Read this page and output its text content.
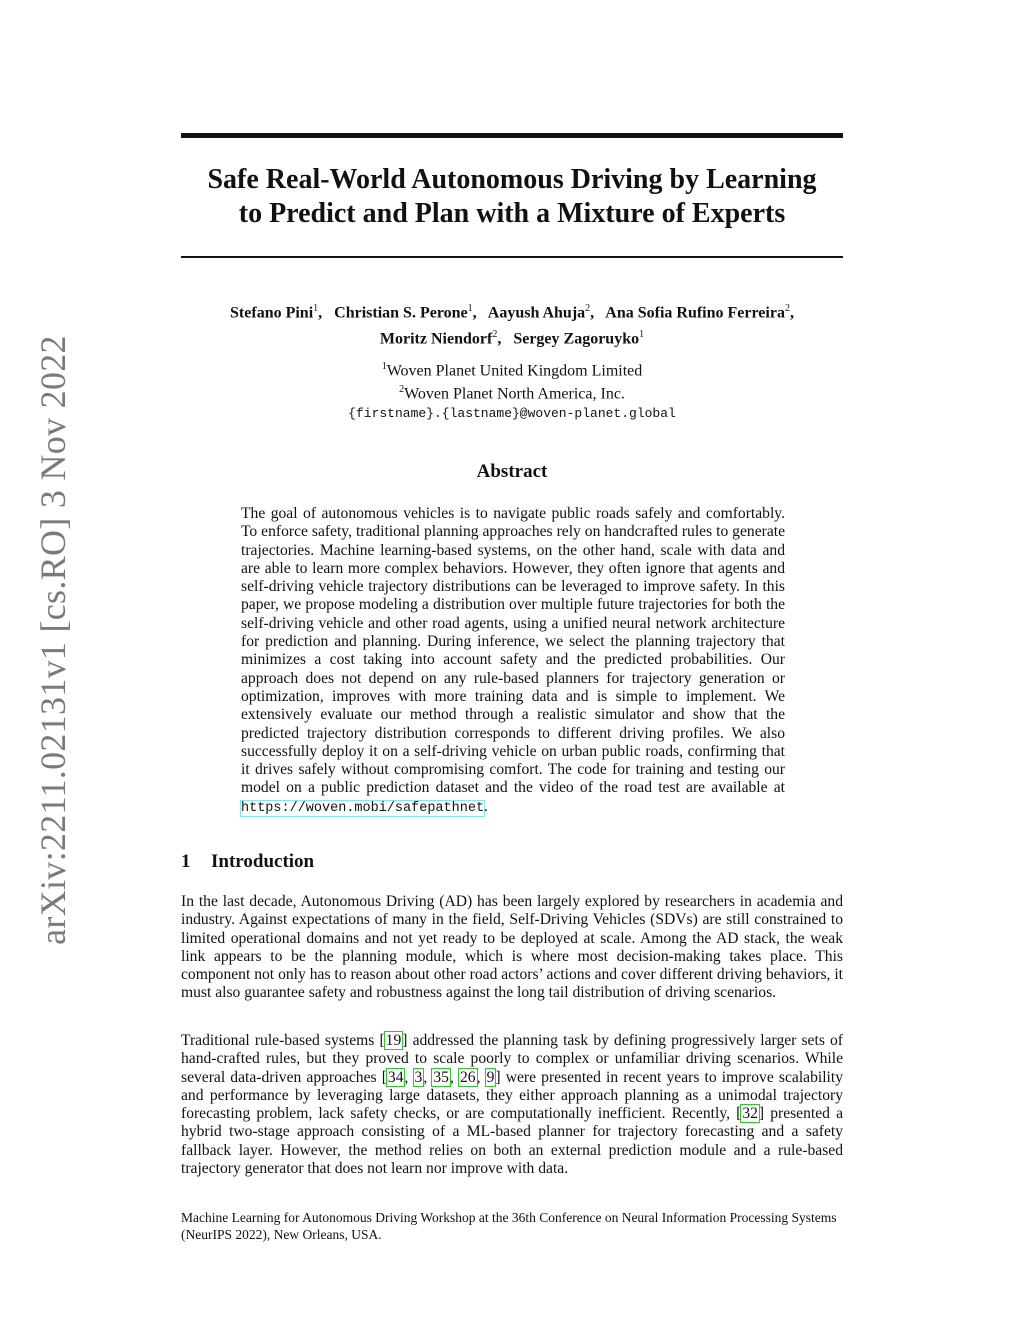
arXiv:2211.02131v1 [cs.RO] 3 Nov 2022
Safe Real-World Autonomous Driving by Learning
to Predict and Plan with a Mixture of Experts
Stefano Pini$^1$,   Christian S. Perone$^1$,   Aayush Ahuja$^2$,   Ana Sofia Rufino Ferreira$^2$,
Moritz Niendorf$^2$,   Sergey Zagoruyko$^1$
$^1$Woven Planet United Kingdom Limited
$^2$Woven Planet North America, Inc.
{firstname}.{lastname}@woven-planet.global
Abstract
The goal of autonomous vehicles is to navigate public roads safely and comfortably. To enforce safety, traditional planning approaches rely on handcrafted rules to generate trajectories. Machine learning-based systems, on the other hand, scale with data and are able to learn more complex behaviors. However, they often ignore that agents and self-driving vehicle trajectory distributions can be leveraged to improve safety. In this paper, we propose modeling a distribution over multiple future trajectories for both the self-driving vehicle and other road agents, using a unified neural network architecture for prediction and planning. During inference, we select the planning trajectory that minimizes a cost taking into account safety and the predicted probabilities. Our approach does not depend on any rule-based planners for trajectory generation or optimization, improves with more training data and is simple to implement. We extensively evaluate our method through a realistic simulator and show that the predicted trajectory distribution corresponds to different driving profiles. We also successfully deploy it on a self-driving vehicle on urban public roads, confirming that it drives safely without compromising comfort. The code for training and testing our model on a public prediction dataset and the video of the road test are available at https://woven.mobi/safepathnet.
1 Introduction
In the last decade, Autonomous Driving (AD) has been largely explored by researchers in academia and industry. Against expectations of many in the field, Self-Driving Vehicles (SDVs) are still constrained to limited operational domains and not yet ready to be deployed at scale. Among the AD stack, the weak link appears to be the planning module, which is where most decision-making takes place. This component not only has to reason about other road actors’ actions and cover different driving behaviors, it must also guarantee safety and robustness against the long tail distribution of driving scenarios.
Traditional rule-based systems [19] addressed the planning task by defining progressively larger sets of hand-crafted rules, but they proved to scale poorly to complex or unfamiliar driving scenarios. While several data-driven approaches [34, 3, 35, 26, 9] were presented in recent years to improve scalability and performance by leveraging large datasets, they either approach planning as a unimodal trajectory forecasting problem, lack safety checks, or are computationally inefficient. Recently, [32] presented a hybrid two-stage approach consisting of a ML-based planner for trajectory forecasting and a safety fallback layer. However, the method relies on both an external prediction module and a rule-based trajectory generator that does not learn nor improve with data.
Machine Learning for Autonomous Driving Workshop at the 36th Conference on Neural Information Processing Systems (NeurIPS 2022), New Orleans, USA.
